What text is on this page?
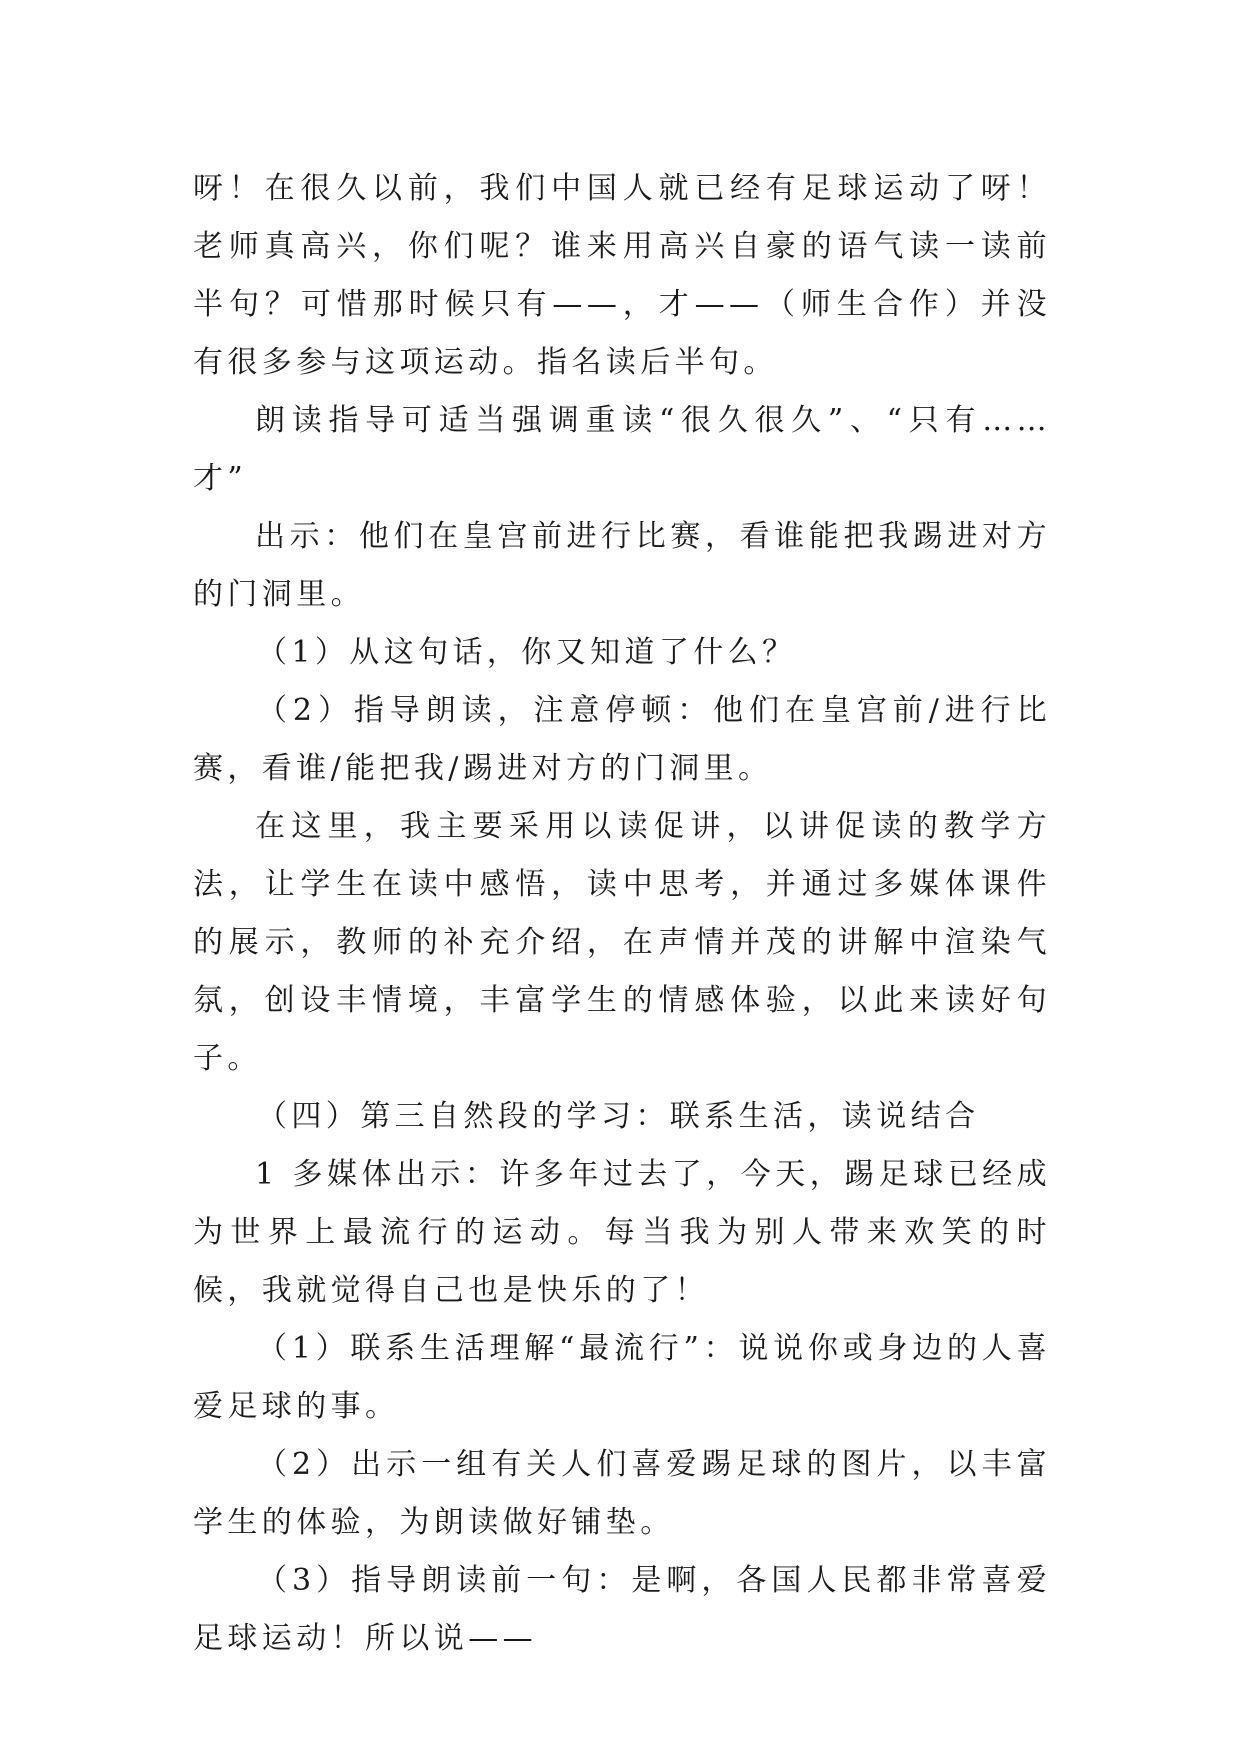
呀！在很久以前，我们中国人就已经有足球运动了呀！老师真高兴，你们呢？谁来用高兴自豪的语气读一读前半句？可惜那时候只有——，才——（师生合作）并没有很多参与这项运动。指名读后半句。

朗读指导可适当强调重读“很久很久”、“只有……才”

出示：他们在皇宫前进行比赛，看谁能把我踢进对方的门洞里。

（1）从这句话，你又知道了什么？

（2）指导朗读，注意停顿：他们在皇宫前/进行比赛，看谁/能把我/踢进对方的门洞里。

在这里，我主要采用以读促讲，以讲促读的教学方法，让学生在读中感悟，读中思考，并通过多媒体课件的展示，教师的补充介绍，在声情并茂的讲解中渲染气氛，创设丰情境，丰富学生的情感体验，以此来读好句子。

（四）第三自然段的学习：联系生活，读说结合

1 多媒体出示：许多年过去了，今天，踢足球已经成为世界上最流行的运动。每当我为别人带来欢笑的时候，我就觉得自己也是快乐的了！

（1）联系生活理解“最流行”：说说你或身边的人喜爱足球的事。

（2）出示一组有关人们喜爱踢足球的图片，以丰富学生的体验，为朗读做好铺垫。

（3）指导朗读前一句：是啊，各国人民都非常喜爱足球运动！所以说——
